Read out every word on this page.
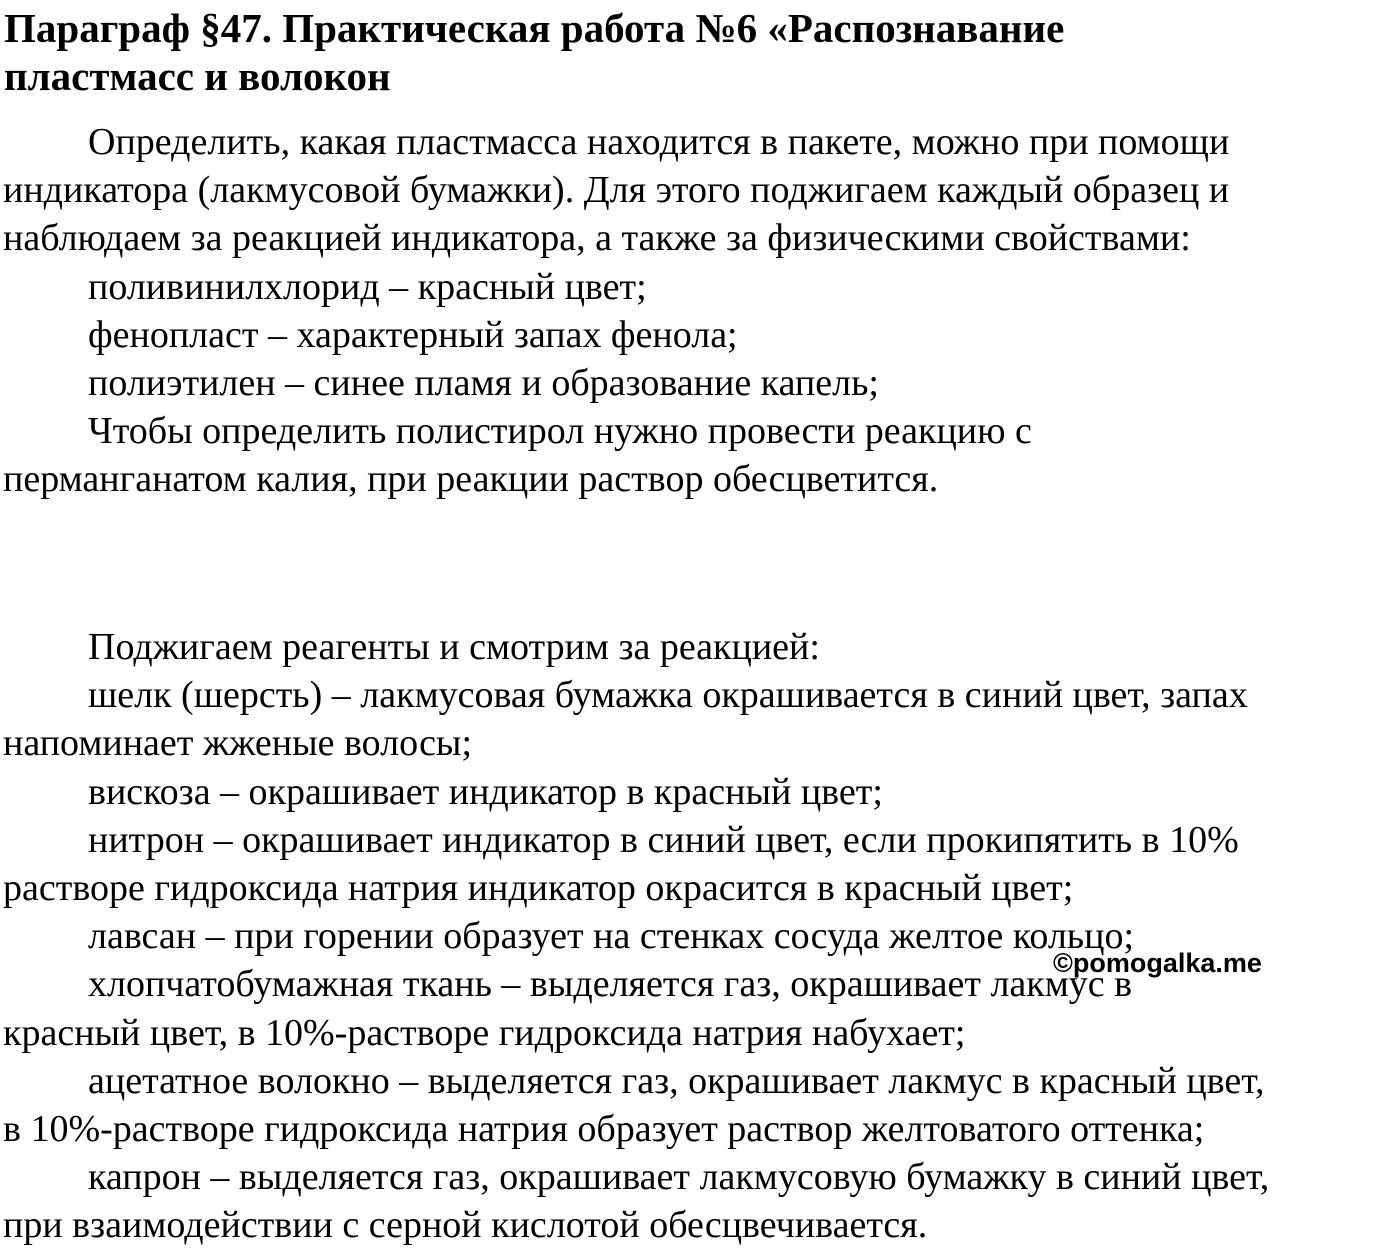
Параграф §47. Практическая работа №6 «Распознавание
пластмасс и волокон
Определить, какая пластмасса находится в пакете, можно при помощи
индикатора (лакмусовой бумажки). Для этого поджигаем каждый образец и
наблюдаем за реакцией индикатора, а также за физическими свойствами:
поливинилхлорид – красный цвет;
фенопласт – характерный запах фенола;
полиэтилен – синее пламя и образование капель;
Чтобы определить полистирол нужно провести реакцию с
перманганатом калия, при реакции раствор обесцветится.
Поджигаем реагенты и смотрим за реакцией:
шелк (шерсть) – лакмусовая бумажка окрашивается в синий цвет, запах
напоминает жженые волосы;
вискоза – окрашивает индикатор в красный цвет;
нитрон – окрашивает индикатор в синий цвет, если прокипятить в 10%
растворе гидроксида натрия индикатор окрасится в красный цвет;
лавсан – при горении образует на стенках сосуда желтое кольцо;
хлопчатобумажная ткань – выделяется газ, окрашивает лакмус в
красный цвет, в 10%-растворе гидроксида натрия набухает;
ацетатное волокно – выделяется газ, окрашивает лакмус в красный цвет,
в 10%-растворе гидроксида натрия образует раствор желтоватого оттенка;
капрон – выделяется газ, окрашивает лакмусовую бумажку в синий цвет,
при взаимодействии с серной кислотой обесцвечивается.
©pomogalka.me
